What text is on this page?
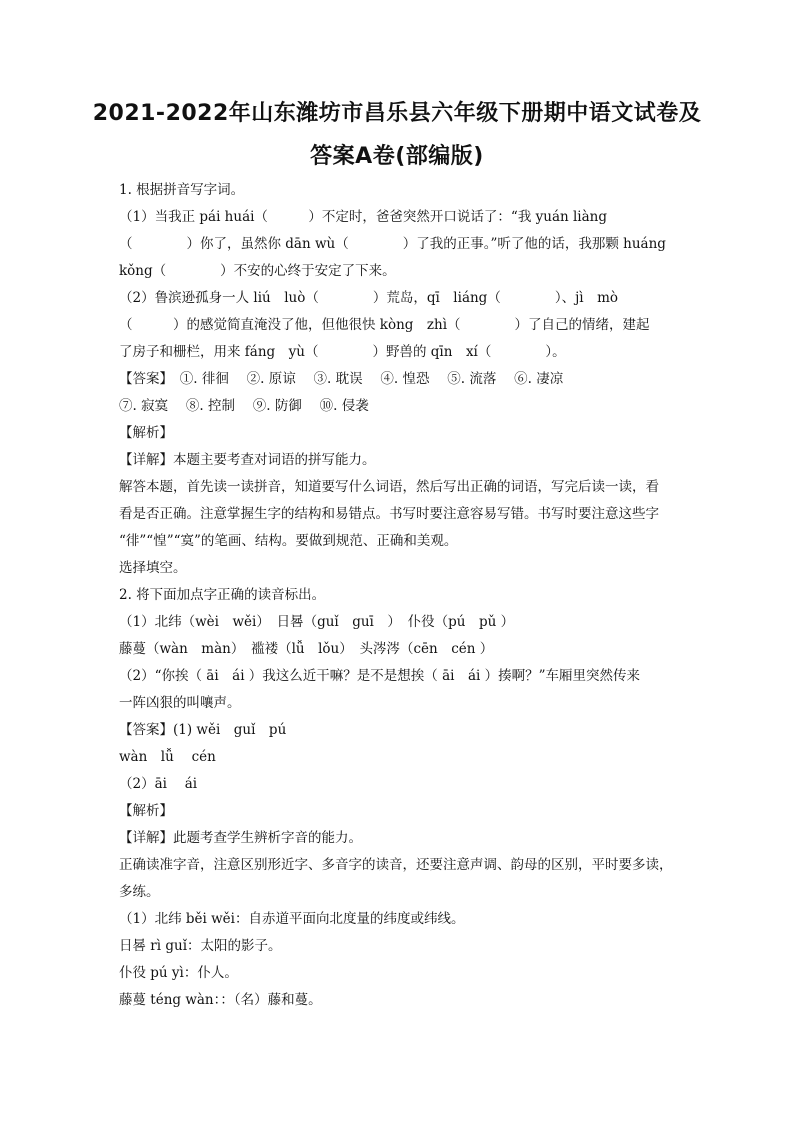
2021-2022年山东潍坊市昌乐县六年级下册期中语文试卷及
答案A卷(部编版)
1. 根据拼音写字词。
（1）当我正 pái huái（　　　）不定时，爸爸突然开口说话了：“我 yuán liàng
（　　　　）你了，虽然你 dān wù（　　　　）了我的正事。”听了他的话，我那颗 huáng
kǒng（　　　　）不安的心终于安定了下来。
（2）鲁滨逊孤身一人 liú　luò（　　　　）荒岛，qī　liáng（　　　　）、jì　mò
（　　　）的感觉简直淹没了他，但他很快 kòng　zhì（　　　　）了自己的情绪，建起
了房子和栅栏，用来 fáng　yù（　　　　）野兽的 qīn　xí（　　　　）。
【答案】　①. 徘徊　 ②. 原谅　 ③. 耽误　 ④. 惶恐　 ⑤. 流落　 ⑥. 凄凉
⑦. 寂寞　 ⑧. 控制　 ⑨. 防御　 ⑩. 侵袭
【解析】
【详解】本题主要考查对词语的拼写能力。
解答本题，首先读一读拼音，知道要写什么词语，然后写出正确的词语，写完后读一读，看
看是否正确。注意掌握生字的结构和易错点。书写时要注意容易写错。书写时要注意这些字
“徘”“惶”“寞”的笔画、结构。要做到规范、正确和美观。
选择填空。
2. 将下面加点字正确的读音标出。
（1）北纬（wèi　wěi）　日晷（guǐ　guī　）　仆役（pú　pǔ ）
藤蔓（wàn　màn）　褴褛（lǚ　lǒu）　头涔涔（cēn　cén ）
（2）“你挨（ āi　ái ）我这么近干嘛？是不是想挨（ āi　ái ）揍啊？”车厢里突然传来
一阵凶狠的叫嚷声。
【答案】(1) wěi　guǐ　pú
wàn　lǚ　 cén
（2）āi　 ái
【解析】
【详解】此题考查学生辨析字音的能力。
正确读准字音，注意区别形近字、多音字的读音，还要注意声调、韵母的区别，平时要多读，
多练。
（1）北纬 běi wěi：自赤道平面向北度量的纬度或纬线。
日晷 rì guǐ：太阳的影子。
仆役 pú yì：仆人。
藤蔓 téng wàn：：（名）藤和蔓。
